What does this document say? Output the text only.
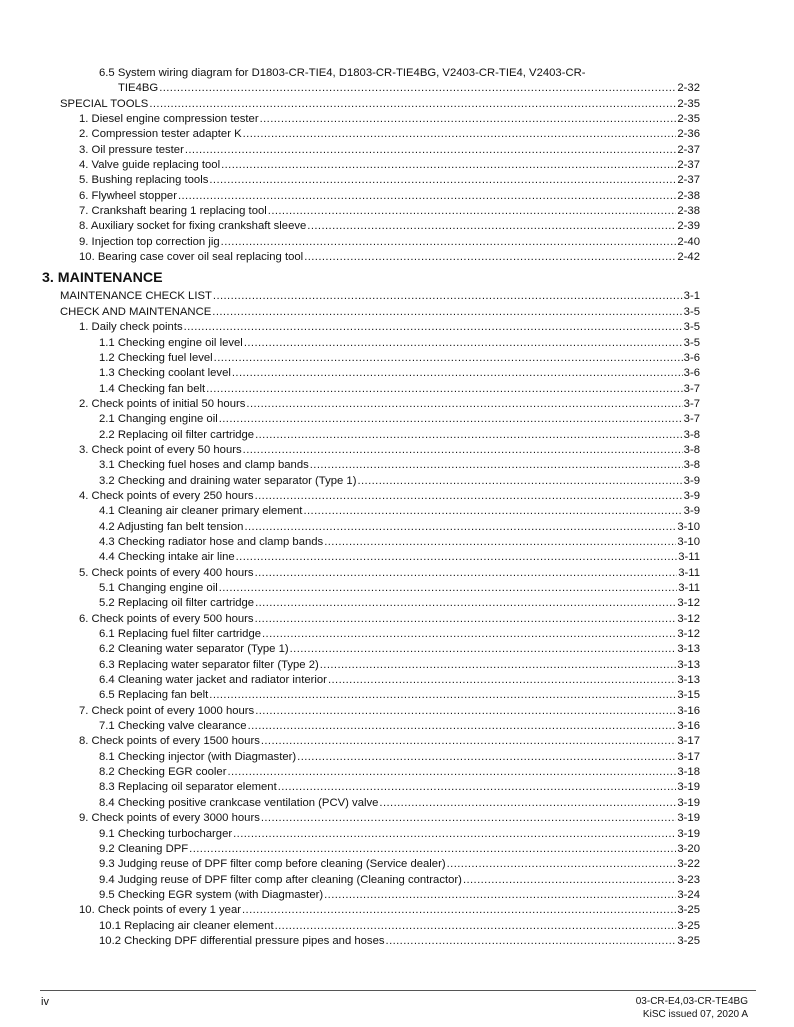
6.5 System wiring diagram for D1803-CR-TIE4, D1803-CR-TIE4BG, V2403-CR-TIE4, V2403-CR-
TIE4BG .....	2-32
SPECIAL TOOLS .....	2-35
1. Diesel engine compression tester .....	2-35
2. Compression tester adapter K .....	2-36
3. Oil pressure tester .....	2-37
4. Valve guide replacing tool .....	2-37
5. Bushing replacing tools .....	2-37
6. Flywheel stopper .....	2-38
7. Crankshaft bearing 1 replacing tool .....	2-38
8. Auxiliary socket for fixing crankshaft sleeve .....	2-39
9. Injection top correction jig .....	2-40
10. Bearing case cover oil seal replacing tool .....	2-42
3. MAINTENANCE
MAINTENANCE CHECK LIST .....	3-1
CHECK AND MAINTENANCE .....	3-5
1. Daily check points .....	3-5
1.1 Checking engine oil level .....	3-5
1.2 Checking fuel level .....	3-6
1.3 Checking coolant level .....	3-6
1.4 Checking fan belt .....	3-7
2. Check points of initial 50 hours .....	3-7
2.1 Changing engine oil .....	3-7
2.2 Replacing oil filter cartridge .....	3-8
3. Check point of every 50 hours .....	3-8
3.1 Checking fuel hoses and clamp bands .....	3-8
3.2 Checking and draining water separator (Type 1) .....	3-9
4. Check points of every 250 hours .....	3-9
4.1 Cleaning air cleaner primary element .....	3-9
4.2 Adjusting fan belt tension .....	3-10
4.3 Checking radiator hose and clamp bands .....	3-10
4.4 Checking intake air line .....	3-11
5. Check points of every 400 hours .....	3-11
5.1 Changing engine oil .....	3-11
5.2 Replacing oil filter cartridge .....	3-12
6. Check points of every 500 hours .....	3-12
6.1 Replacing fuel filter cartridge .....	3-12
6.2 Cleaning water separator (Type 1) .....	3-13
6.3 Replacing water separator filter (Type 2) .....	3-13
6.4 Cleaning water jacket and radiator interior .....	3-13
6.5 Replacing fan belt .....	3-15
7. Check point of every 1000 hours .....	3-16
7.1 Checking valve clearance .....	3-16
8. Check points of every 1500 hours .....	3-17
8.1 Checking injector (with Diagmaster) .....	3-17
8.2 Checking EGR cooler .....	3-18
8.3 Replacing oil separator element .....	3-19
8.4 Checking positive crankcase ventilation (PCV) valve .....	3-19
9. Check points of every 3000 hours .....	3-19
9.1 Checking turbocharger .....	3-19
9.2 Cleaning DPF .....	3-20
9.3 Judging reuse of DPF filter comp before cleaning (Service dealer) .....	3-22
9.4 Judging reuse of DPF filter comp after cleaning (Cleaning contractor) .....	3-23
9.5 Checking EGR system (with Diagmaster) .....	3-24
10. Check points of every 1 year .....	3-25
10.1 Replacing air cleaner element .....	3-25
10.2 Checking DPF differential pressure pipes and hoses .....	3-25
iv	03-CR-E4,03-CR-TE4BG
KiSC issued 07, 2020 A
